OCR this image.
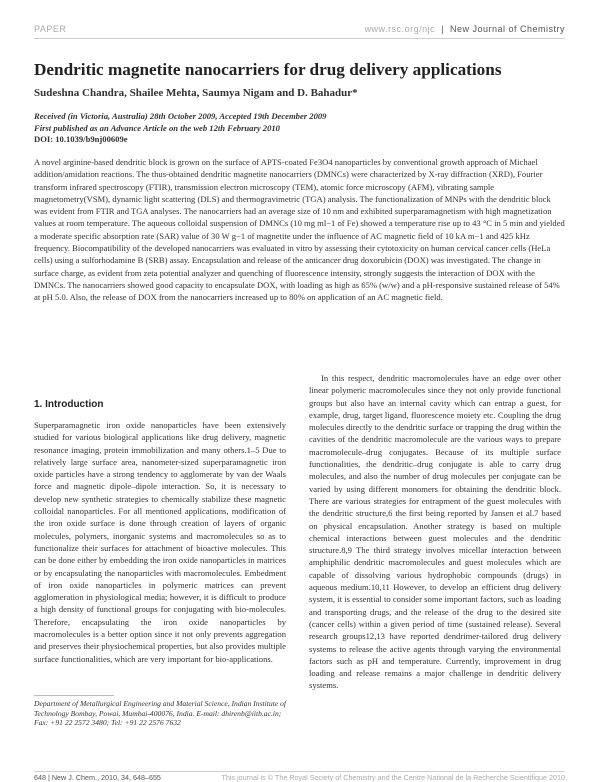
PAPER	www.rsc.org/njc | New Journal of Chemistry
Dendritic magnetite nanocarriers for drug delivery applications
Sudeshna Chandra, Shailee Mehta, Saumya Nigam and D. Bahadur*
Received (in Victoria, Australia) 28th October 2009, Accepted 19th December 2009
First published as an Advance Article on the web 12th February 2010
DOI: 10.1039/b9nj00609e

A novel arginine-based dendritic block is grown on the surface of APTS-coated Fe3O4 nanoparticles by conventional growth approach of Michael addition/amidation reactions. The thus-obtained dendritic magnetite nanocarriers (DMNCs) were characterized by X-ray diffraction (XRD), Fourier transform infrared spectroscopy (FTIR), transmission electron microscopy (TEM), atomic force microscopy (AFM), vibrating sample magnetometry(VSM), dynamic light scattering (DLS) and thermogravimetric (TGA) analysis. The functionalization of MNPs with the dendritic block was evident from FTIR and TGA analyses. The nanocarriers had an average size of 10 nm and exhibited superparamagnetism with high magnetization values at room temperature. The aqueous colloidal suspension of DMNCs (10 mg ml−1 of Fe) showed a temperature rise up to 43 °C in 5 min and yielded a moderate specific absorption rate (SAR) value of 30 W g−1 of magnetite under the influence of AC magnetic field of 10 kA m−1 and 425 kHz frequency. Biocompatibility of the developed nanocarriers was evaluated in vitro by assessing their cytotoxicity on human cervical cancer cells (HeLa cells) using a sulforhodamine B (SRB) assay. Encapsulation and release of the anticancer drug doxorubicin (DOX) was investigated. The change in surface charge, as evident from zeta potential analyzer and quenching of fluorescence intensity, strongly suggests the interaction of DOX with the DMNCs. The nanocarriers showed good capacity to encapsulate DOX, with loading as high as 65% (w/w) and a pH-responsive sustained release of 54% at pH 5.0. Also, the release of DOX from the nanocarriers increased up to 80% on application of an AC magnetic field.

1. Introduction

Superparamagnetic iron oxide nanoparticles have been extensively studied for various biological applications like drug delivery, magnetic resonance imaging, protein immobilization and many others.1–5 Due to relatively large surface area, nanometer-sized superparamagnetic iron oxide particles have a strong tendency to agglomerate by van der Waals force and magnetic dipole–dipole interaction. So, it is necessary to develop new synthetic strategies to chemically stabilize these magnetic colloidal nanoparticles. For all mentioned applications, modification of the iron oxide surface is done through creation of layers of organic molecules, polymers, inorganic systems and macromolecules so as to functionalize their surfaces for attachment of bioactive molecules. This can be done either by embedding the iron oxide nanoparticles in matrices or by encapsulating the nanoparticles with macromolecules. Embedment of iron oxide nanoparticles in polymeric matrices can prevent agglomeration in physiological media; however, it is difficult to produce a high density of functional groups for conjugating with bio-molecules. Therefore, encapsulating the iron oxide nanoparticles by macromolecules is a better option since it not only prevents aggregation and preserves their physiochemical properties, but also provides multiple surface functionalities, which are very important for bio-applications.

In this respect, dendritic macromolecules have an edge over other linear polymeric macromolecules since they not only provide functional groups but also have an internal cavity which can entrap a guest, for example, drug, target ligand, fluorescence moiety etc. Coupling the drug molecules directly to the dendritic surface or trapping the drug within the cavities of the dendritic macromolecule are the various ways to prepare macromolecule–drug conjugates. Because of its multiple surface functionalities, the dendritic–drug conjugate is able to carry drug molecules, and also the number of drug molecules per conjugate can be varied by using different monomers for obtaining the dendritic block. There are various strategies for entrapment of the guest molecules with the dendritic structure,6 the first being reported by Jansen et al.7 based on physical encapsulation. Another strategy is based on multiple chemical interactions between guest molecules and the dendritic structure.8,9 The third strategy involves micellar interaction between amphiphilic dendritic macromolecules and guest molecules which are capable of dissolving various hydrophobic compounds (drugs) in aqueous medium.10,11 However, to develop an efficient drug delivery system, it is essential to consider some important factors, such as loading and transporting drugs, and the release of the drug to the desired site (cancer cells) within a given period of time (sustained release). Several research groups12,13 have reported dendrimer-tailored drug delivery systems to release the active agents through varying the environmental factors such as pH and temperature. Currently, improvement in drug loading and release remains a major challenge in dendritic delivery systems.

Department of Metallurgical Engineering and Material Science, Indian Institute of Technology Bombay, Powai, Mumbai-400076, India. E-mail: dhirenb@iitb.ac.in; Fax: +91 22 2572 3480; Tel: +91 22 2576 7632
648 | New J. Chem., 2010, 34, 648–655	This journal is © The Royal Society of Chemistry and the Centre National de la Recherche Scientifique 2010
